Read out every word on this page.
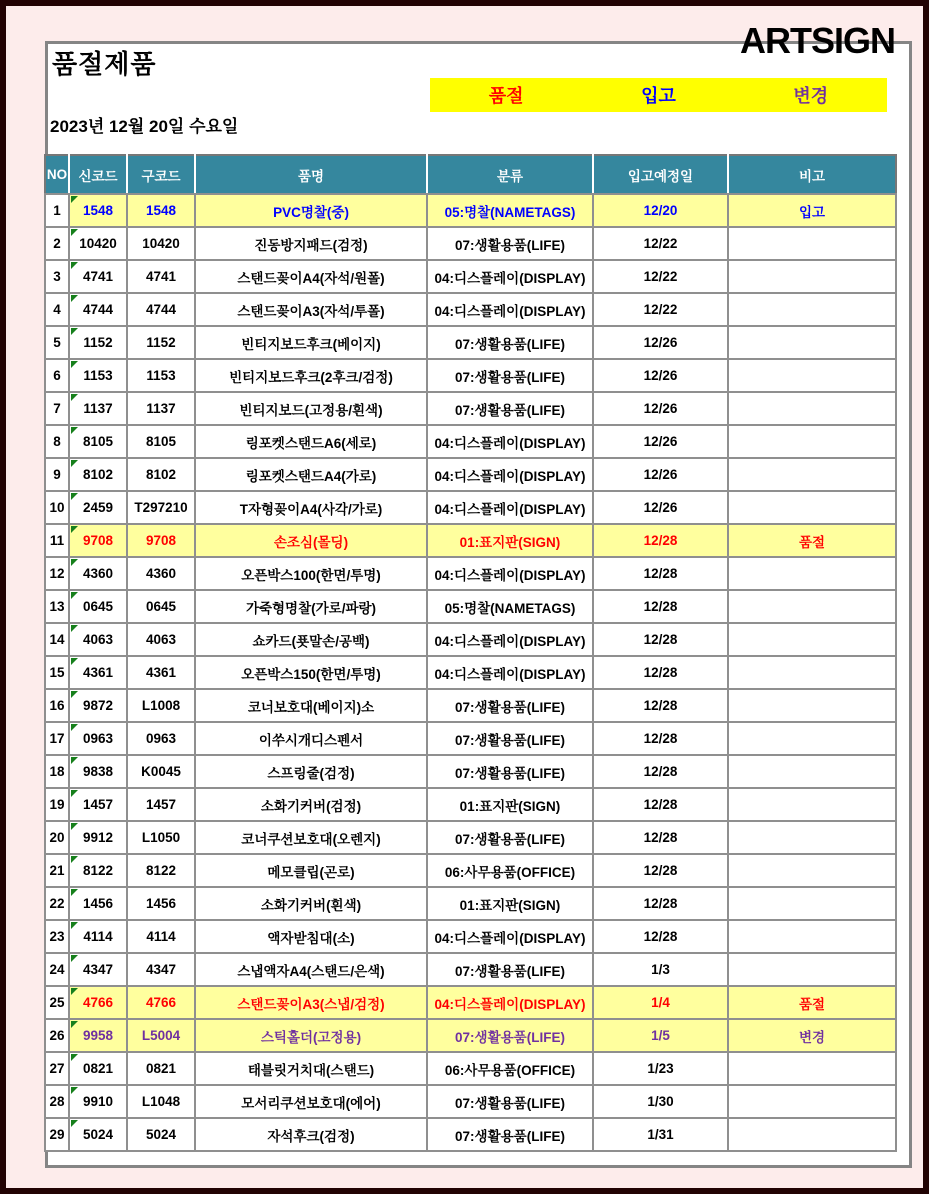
품절제품
ARTSIGN
품절	입고	변경
2023년 12월 20일 수요일
NO	신코드	구코드	품명	분류	입고예정일	비고
1	1548	1548	PVC명찰(중)	05:명찰(NAMETAGS)	12/20	입고
2	10420	10420	진동방지패드(검정)	07:생활용품(LIFE)	12/22	
3	4741	4741	스탠드꽂이A4(자석/원폴)	04:디스플레이(DISPLAY)	12/22	
4	4744	4744	스탠드꽂이A3(자석/투폴)	04:디스플레이(DISPLAY)	12/22	
5	1152	1152	빈티지보드후크(베이지)	07:생활용품(LIFE)	12/26	
6	1153	1153	빈티지보드후크(2후크/검정)	07:생활용품(LIFE)	12/26	
7	1137	1137	빈티지보드(고정용/흰색)	07:생활용품(LIFE)	12/26	
8	8105	8105	링포켓스탠드A6(세로)	04:디스플레이(DISPLAY)	12/26	
9	8102	8102	링포켓스탠드A4(가로)	04:디스플레이(DISPLAY)	12/26	
10	2459	T297210	T자형꽂이A4(사각/가로)	04:디스플레이(DISPLAY)	12/26	
11	9708	9708	손조심(몰딩)	01:표지판(SIGN)	12/28	품절
12	4360	4360	오픈박스100(한면/투명)	04:디스플레이(DISPLAY)	12/28	
13	0645	0645	가죽형명찰(가로/파랑)	05:명찰(NAMETAGS)	12/28	
14	4063	4063	쇼카드(푯말손/공백)	04:디스플레이(DISPLAY)	12/28	
15	4361	4361	오픈박스150(한면/투명)	04:디스플레이(DISPLAY)	12/28	
16	9872	L1008	코너보호대(베이지)소	07:생활용품(LIFE)	12/28	
17	0963	0963	이쑤시개디스펜서	07:생활용품(LIFE)	12/28	
18	9838	K0045	스프링줄(검정)	07:생활용품(LIFE)	12/28	
19	1457	1457	소화기커버(검정)	01:표지판(SIGN)	12/28	
20	9912	L1050	코너쿠션보호대(오렌지)	07:생활용품(LIFE)	12/28	
21	8122	8122	메모클립(곤로)	06:사무용품(OFFICE)	12/28	
22	1456	1456	소화기커버(흰색)	01:표지판(SIGN)	12/28	
23	4114	4114	액자받침대(소)	04:디스플레이(DISPLAY)	12/28	
24	4347	4347	스냅액자A4(스탠드/은색)	07:생활용품(LIFE)	1/3	
25	4766	4766	스탠드꽂이A3(스냅/검정)	04:디스플레이(DISPLAY)	1/4	품절
26	9958	L5004	스틱홀더(고정용)	07:생활용품(LIFE)	1/5	변경
27	0821	0821	태블릿거치대(스탠드)	06:사무용품(OFFICE)	1/23	
28	9910	L1048	모서리쿠션보호대(에어)	07:생활용품(LIFE)	1/30	
29	5024	5024	자석후크(검정)	07:생활용품(LIFE)	1/31	
